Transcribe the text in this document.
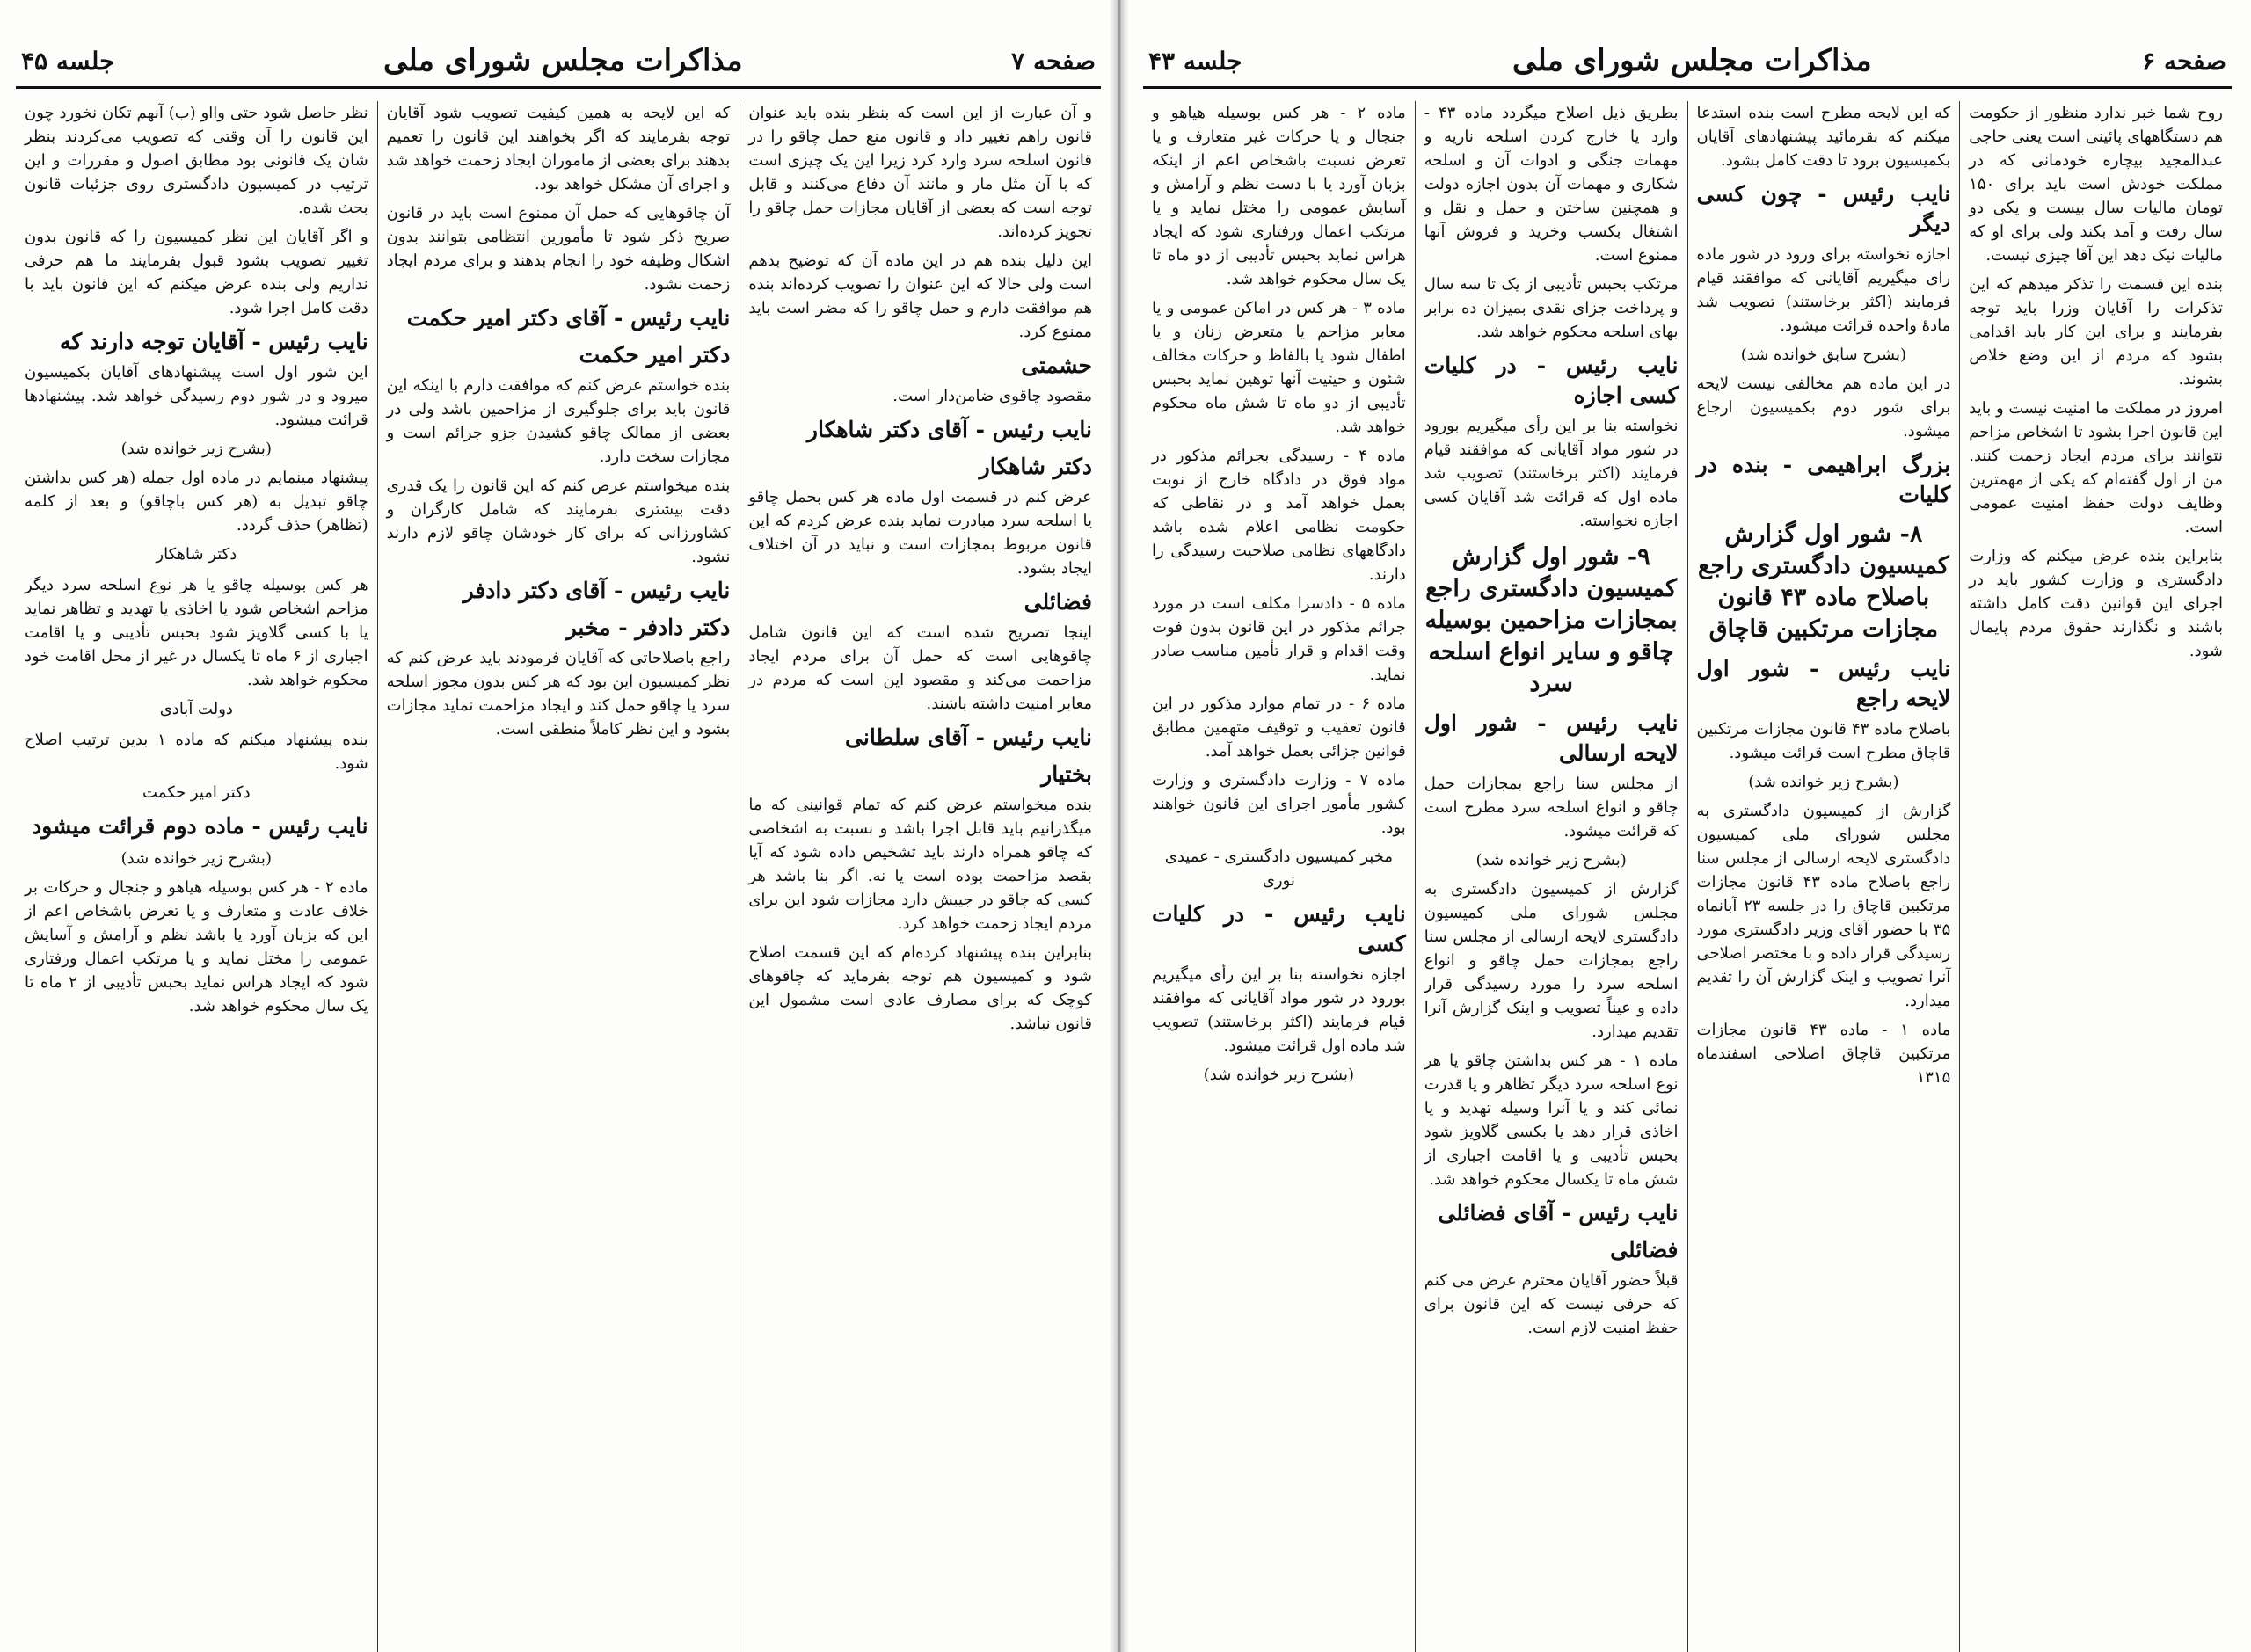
صفحه ۷
مذاکرات مجلس شورای ملی
جلسه ۴۵

و آن عبارت از این است که بنظر بنده باید عنوان قانون راهم تغییر داد و قانون منع حمل چاقو را در قانون اسلحه سرد وارد کرد زیرا این یک چیزی است که با آن مثل مار و مانند آن دفاع می‌کنند و قابل توجه است که بعضی از آقایان مجازات حمل چاقو را تجویز کرده‌اند.

این دلیل بنده هم در این ماده آن که توضیح بدهم است ولی حالا که این عنوان را تصویب کرده‌اند بنده هم موافقت دارم و حمل چاقو را که مضر است باید ممنوع کرد.

حشمتی

مقصود چاقوی ضامن‌دار است.

نایب رئیس - آقای دکتر شاهکار
دکتر شاهکار

عرض کنم در قسمت اول ماده هر کس بحمل چاقو یا اسلحه سرد مبادرت نماید بنده عرض کردم که این قانون مربوط بمجازات است و نباید در آن اختلاف ایجاد بشود.

فضائلی

اینجا تصریح شده است که این قانون شامل چاقوهایی است که حمل آن برای مردم ایجاد مزاحمت می‌کند و مقصود این است که مردم در معابر امنیت داشته باشند.

نایب رئیس - آقای سلطانی
بختیار

بنده میخواستم عرض کنم که تمام قوانینی که ما میگذرانیم باید قابل اجرا باشد و نسبت به اشخاصی که چاقو همراه دارند باید تشخیص داده شود که آیا بقصد مزاحمت بوده است یا نه. اگر بنا باشد هر کسی که چاقو در جیبش دارد مجازات شود این برای مردم ایجاد زحمت خواهد کرد.

بنابراین بنده پیشنهاد کرده‌ام که این قسمت اصلاح شود و کمیسیون هم توجه بفرماید که چاقوهای کوچک که برای مصارف عادی است مشمول این قانون نباشد.

که این لایحه به همین کیفیت تصویب شود آقایان توجه بفرمایند که اگر بخواهند این قانون را تعمیم بدهند برای بعضی از ماموران ایجاد زحمت خواهد شد و اجرای آن مشکل خواهد بود.

آن چاقوهایی که حمل آن ممنوع است باید در قانون صریح ذکر شود تا مأمورین انتظامی بتوانند بدون اشکال وظیفه خود را انجام بدهند و برای مردم ایجاد زحمت نشود.

نایب رئیس - آقای دکتر امیر حکمت
دکتر امیر حکمت

بنده خواستم عرض کنم که موافقت دارم با اینکه این قانون باید برای جلوگیری از مزاحمین باشد ولی در بعضی از ممالک چاقو کشیدن جزو جرائم است و مجازات سخت دارد.

بنده میخواستم عرض کنم که این قانون را یک قدری دقت بیشتری بفرمایند که شامل کارگران و کشاورزانی که برای کار خودشان چاقو لازم دارند نشود.

نایب رئیس - آقای دکتر دادفر
دکتر دادفر - مخبر

راجع باصلاحاتی که آقایان فرمودند باید عرض کنم که نظر کمیسیون این بود که هر کس بدون مجوز اسلحه سرد یا چاقو حمل کند و ایجاد مزاحمت نماید مجازات بشود و این نظر کاملاً منطقی است.

نظر حاصل شود حتی وااو (ب) آنهم تکان نخورد چون این قانون را آن وقتی که تصویب می‌کردند بنظر شان یک قانونی بود مطابق اصول و مقررات و این ترتیب در کمیسیون دادگستری روی جزئیات قانون بحث شده.

و اگر آقایان این نظر کمیسیون را که قانون بدون تغییر تصویب بشود قبول بفرمایند ما هم حرفی نداریم ولی بنده عرض میکنم که این قانون باید با دقت کامل اجرا شود.

نایب رئیس - آقایان توجه دارند که

این شور اول است پیشنهادهای آقایان بکمیسیون میرود و در شور دوم رسیدگی خواهد شد. پیشنهادها قرائت میشود.

(بشرح زیر خوانده شد)

پیشنهاد مینمایم در ماده اول جمله (هر کس بداشتن چاقو تبدیل به (هر کس باچاقو) و بعد از کلمه (تظاهر) حذف گردد.

دکتر شاهکار

هر کس بوسیله چاقو یا هر نوع اسلحه سرد دیگر مزاحم اشخاص شود یا اخاذی یا تهدید و تظاهر نماید یا با کسی گلاویز شود بحبس تأدیبی و یا اقامت اجباری از ۶ ماه تا یکسال در غیر از محل اقامت خود محکوم خواهد شد.

دولت آبادی

بنده پیشنهاد میکنم که ماده ۱ بدین ترتیب اصلاح شود.

دکتر امیر حکمت
نایب رئیس - ماده دوم قرائت میشود
(بشرح زیر خوانده شد)

ماده ۲ - هر کس بوسیله هیاهو و جنجال و حرکات بر خلاف عادت و متعارف و یا تعرض باشخاص اعم از این که بزبان آورد یا باشد نظم و آرامش و آسایش عمومی را مختل نماید و یا مرتکب اعمال ورفتاری شود که ایجاد هراس نماید بحبس تأدیبی از ۲ ماه تا یک سال محکوم خواهد شد.

صفحه ۶
مذاکرات مجلس شورای ملی
جلسه ۴۳

روح شما خبر ندارد منظور از حکومت هم دستگاههای پائینی است یعنی حاجی عبدالمجید بیچاره خودمانی که در مملکت خودش است باید برای ۱۵۰ تومان مالیات سال بیست و یکی دو سال رفت و آمد بکند ولی برای او که مالیات نیک دهد این آقا چیزی نیست.

بنده این قسمت را تذکر میدهم که این تذکرات را آقایان وزرا باید توجه بفرمایند و برای این کار باید اقدامی بشود که مردم از این وضع خلاص بشوند.

امروز در مملکت ما امنیت نیست و باید این قانون اجرا بشود تا اشخاص مزاحم نتوانند برای مردم ایجاد زحمت کنند. من از اول گفته‌ام که یکی از مهمترین وظایف دولت حفظ امنیت عمومی است.

بنابراین بنده عرض میکنم که وزارت دادگستری و وزارت کشور باید در اجرای این قوانین دقت کامل داشته باشند و نگذارند حقوق مردم پایمال شود.

که این لایحه مطرح است بنده استدعا میکنم که بقرمائید پیشنهادهای آقایان بکمیسیون برود تا دقت کامل بشود.

نایب رئیس - چون کسی دیگر

اجازه نخواسته برای ورود در شور ماده رای میگیریم آقایانی که موافقند قیام فرمایند (اکثر برخاستند) تصویب شد مادهٔ واحده قرائت میشود.

(بشرح سابق خوانده شد)

در این ماده هم مخالفی نیست لایحه برای شور دوم بکمیسیون ارجاع میشود.

بزرگ ابراهیمی - بنده در کلیات
۸- شور اول گزارش کمیسیون دادگستری راجع باصلاح ماده ۴۳ قانون مجازات مرتکبین قاچاق
نایب رئیس - شور اول لایحه راجع

باصلاح ماده ۴۳ قانون مجازات مرتکبین قاچاق مطرح است قرائت میشود.

(بشرح زیر خوانده شد)

گزارش از کمیسیون دادگستری به مجلس شورای ملی کمیسیون دادگستری لایحه ارسالی از مجلس سنا راجع باصلاح ماده ۴۳ قانون مجازات مرتکبین قاچاق را در جلسه ۲۳ آبانماه ۳۵ با حضور آقای وزیر دادگستری مورد رسیدگی قرار داده و با مختصر اصلاحی آنرا تصویب و اینک گزارش آن را تقدیم میدارد.

ماده ۱ - ماده ۴۳ قانون مجازات مرتکبین قاچاق اصلاحی اسفندماه ۱۳۱۵

بطریق ذیل اصلاح میگردد ماده ۴۳ - وارد یا خارج کردن اسلحه ناریه و مهمات جنگی و ادوات آن و اسلحه شکاری و مهمات آن بدون اجازه دولت و همچنین ساختن و حمل و نقل و اشتغال بکسب وخرید و فروش آنها ممنوع است.

مرتکب بحبس تأدیبی از یک تا سه سال و پرداخت جزای نقدی بمیزان ده برابر بهای اسلحه محکوم خواهد شد.

نایب رئیس - در کلیات کسی اجازه

نخواسته بنا بر این رأی میگیریم بورود در شور مواد آقایانی که موافقند قیام فرمایند (اکثر برخاستند) تصویب شد ماده اول که قرائت شد آقایان کسی اجازه نخواسته.

۹- شور اول گزارش کمیسیون دادگستری راجع بمجازات مزاحمین بوسیله چاقو و سایر انواع اسلحه سرد
نایب رئیس - شور اول لایحه ارسالی

از مجلس سنا راجع بمجازات حمل چاقو و انواع اسلحه سرد مطرح است که قرائت میشود.

(بشرح زیر خوانده شد)

گزارش از کمیسیون دادگستری به مجلس شورای ملی کمیسیون دادگستری لایحه ارسالی از مجلس سنا راجع بمجازات حمل چاقو و انواع اسلحه سرد را مورد رسیدگی قرار داده و عیناً تصویب و اینک گزارش آنرا تقدیم میدارد.

ماده ۱ - هر کس بداشتن چاقو یا هر نوع اسلحه سرد دیگر تظاهر و یا قدرت نمائی کند و یا آنرا وسیله تهدید و یا اخاذی قرار دهد یا بکسی گلاویز شود بحبس تأدیبی و یا اقامت اجباری از شش ماه تا یکسال محکوم خواهد شد.

نایب رئیس - آقای فضائلی
فضائلی

قبلاً حضور آقایان محترم عرض می کنم که حرفی نیست که این قانون برای حفظ امنیت لازم است.

ماده ۲ - هر کس بوسیله هیاهو و جنجال و یا حرکات غیر متعارف و یا تعرض نسبت باشخاص اعم از اینکه بزبان آورد یا با دست نظم و آرامش و آسایش عمومی را مختل نماید و یا مرتکب اعمال ورفتاری شود که ایجاد هراس نماید بحبس تأدیبی از دو ماه تا یک سال محکوم خواهد شد.

ماده ۳ - هر کس در اماکن عمومی و یا معابر مزاحم یا متعرض زنان و یا اطفال شود یا بالفاظ و حرکات مخالف شئون و حیثیت آنها توهین نماید بحبس تأدیبی از دو ماه تا شش ماه محکوم خواهد شد.

ماده ۴ - رسیدگی بجرائم مذکور در مواد فوق در دادگاه خارج از نوبت بعمل خواهد آمد و در نقاطی که حکومت نظامی اعلام شده باشد دادگاههای نظامی صلاحیت رسیدگی را دارند.

ماده ۵ - دادسرا مکلف است در مورد جرائم مذکور در این قانون بدون فوت وقت اقدام و قرار تأمین مناسب صادر نماید.

ماده ۶ - در تمام موارد مذکور در این قانون تعقیب و توقیف متهمین مطابق قوانین جزائی بعمل خواهد آمد.

ماده ۷ - وزارت دادگستری و وزارت کشور مأمور اجرای این قانون خواهند بود.

مخبر کمیسیون دادگستری - عمیدی نوری
نایب رئیس - در کلیات کسی

اجازه نخواسته بنا بر این رأی میگیریم بورود در شور مواد آقایانی که موافقند قیام فرمایند (اکثر برخاستند) تصویب شد ماده اول قرائت میشود.

(بشرح زیر خوانده شد)
